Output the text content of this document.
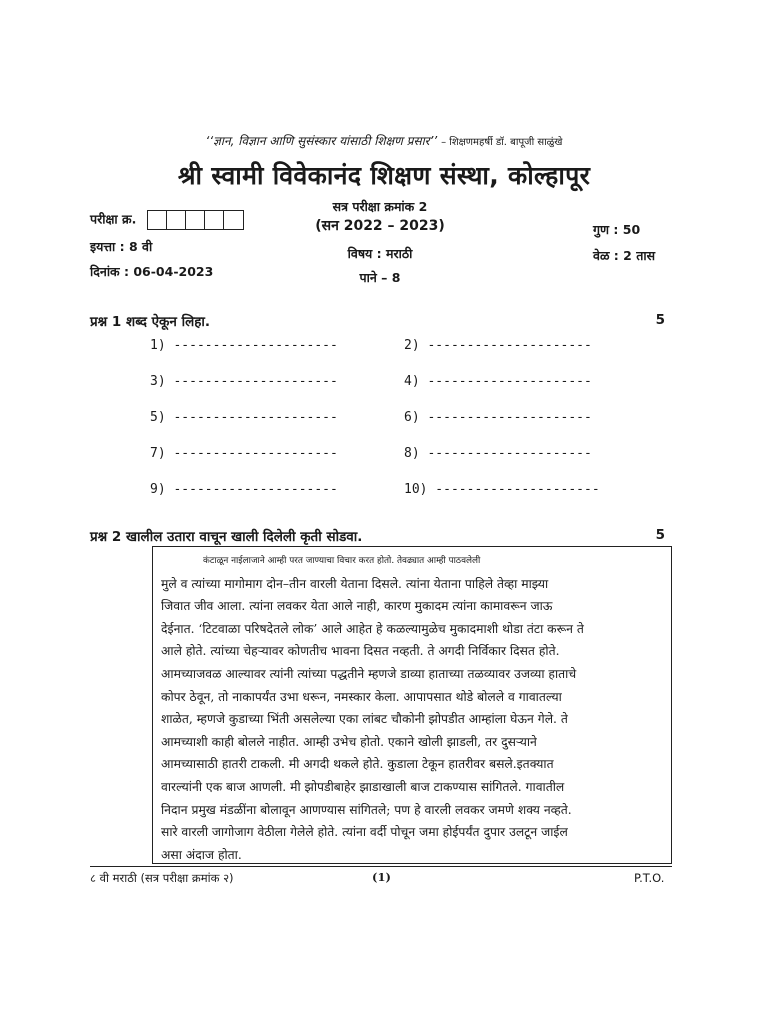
‘‘ज्ञान, विज्ञान आणि सुसंस्कार यांसाठी शिक्षण प्रसार’’ – शिक्षणमहर्षी डॉ. बापूजी साळुंखे
श्री स्वामी विवेकानंद शिक्षण संस्था, कोल्हापूर
परीक्षा क्र.
इयत्ता : 8 वी
दिनांक : 06-04-2023
सत्र परीक्षा क्रमांक 2
(सन 2022 – 2023)
विषय : मराठी
पाने – 8
गुण : 50
वेळ : 2 तास
प्रश्न 1 शब्द ऐकून लिहा.	5
1) ---------------------	2) ---------------------
3) ---------------------	4) ---------------------
5) ---------------------	6) ---------------------
7) ---------------------	8) ---------------------
9) ---------------------	10) ---------------------
प्रश्न 2 खालील उतारा वाचून खाली दिलेली कृती सोडवा.	5

कंटाळून नाईलाजाने आम्ही परत जाण्याचा विचार करत होतो. तेवढ्यात आम्ही पाठवलेली
मुले व त्यांच्या मागोमाग दोन–तीन वारली येताना दिसले. त्यांना येताना पाहिले तेव्हा माझ्या
जिवात जीव आला. त्यांना लवकर येता आले नाही, कारण मुकादम त्यांना कामावरून जाऊ
देईनात. ‘टिटवाळा परिषदेतले लोक’ आले आहेत हे कळल्यामुळेच मुकादमाशी थोडा तंटा करून ते
आले होते. त्यांच्या चेहऱ्यावर कोणतीच भावना दिसत नव्हती. ते अगदी निर्विकार दिसत होते.
आमच्याजवळ आल्यावर त्यांनी त्यांच्या पद्धतीने म्हणजे डाव्या हाताच्या तळव्यावर उजव्या हाताचे
कोपर ठेवून, तो नाकापर्यंत उभा धरून, नमस्कार केला. आपापसात थोडे बोलले व गावातल्या
शाळेत, म्हणजे कुडाच्या भिंती असलेल्या एका लांबट चौकोनी झोपडीत आम्हांला घेऊन गेले. ते
आमच्याशी काही बोलले नाहीत. आम्ही उभेच होतो. एकाने खोली झाडली, तर दुसऱ्याने
आमच्यासाठी हातरी टाकली. मी अगदी थकले होते. कुडाला टेकून हातरीवर बसले.इतक्यात
वारल्यांनी एक बाज आणली. मी झोपडीबाहेर झाडाखाली बाज टाकण्यास सांगितले. गावातील
निदान प्रमुख मंडळींना बोलावून आणण्यास सांगितले; पण हे वारली लवकर जमणे शक्य नव्हते.
सारे वारली जागोजाग वेठीला गेलेले होते. त्यांना वर्दी पोचून जमा होईपर्यंत दुपार उलटून जाईल
असा अंदाज होता.

८ वी मराठी (सत्र परीक्षा क्रमांक २)	(1)	P.T.O.
